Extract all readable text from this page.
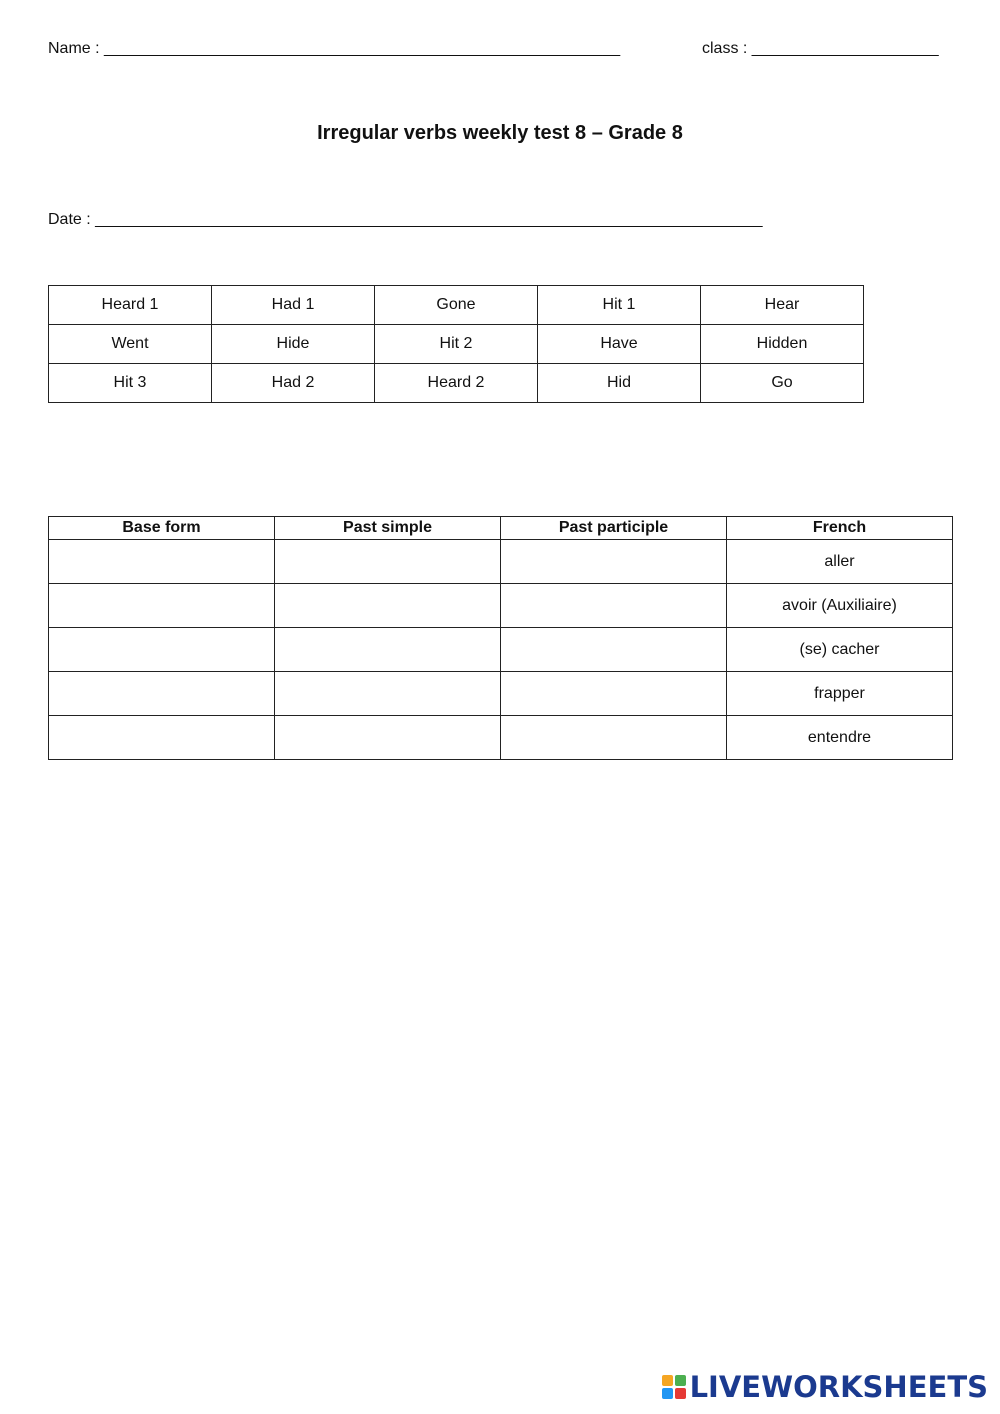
Name : __________________________________________________________	class : _____________________
Irregular verbs weekly test 8 – Grade 8
Date : ___________________________________________________________________________
Heard 1	Had 1	Gone	Hit 1	Hear
Went	Hide	Hit 2	Have	Hidden
Hit 3	Had 2	Heard 2	Hid	Go
Base form	Past simple	Past participle	French
			aller
			avoir (Auxiliaire)
			(se) cacher
			frapper
			entendre
LIVEWORKSHEETS
